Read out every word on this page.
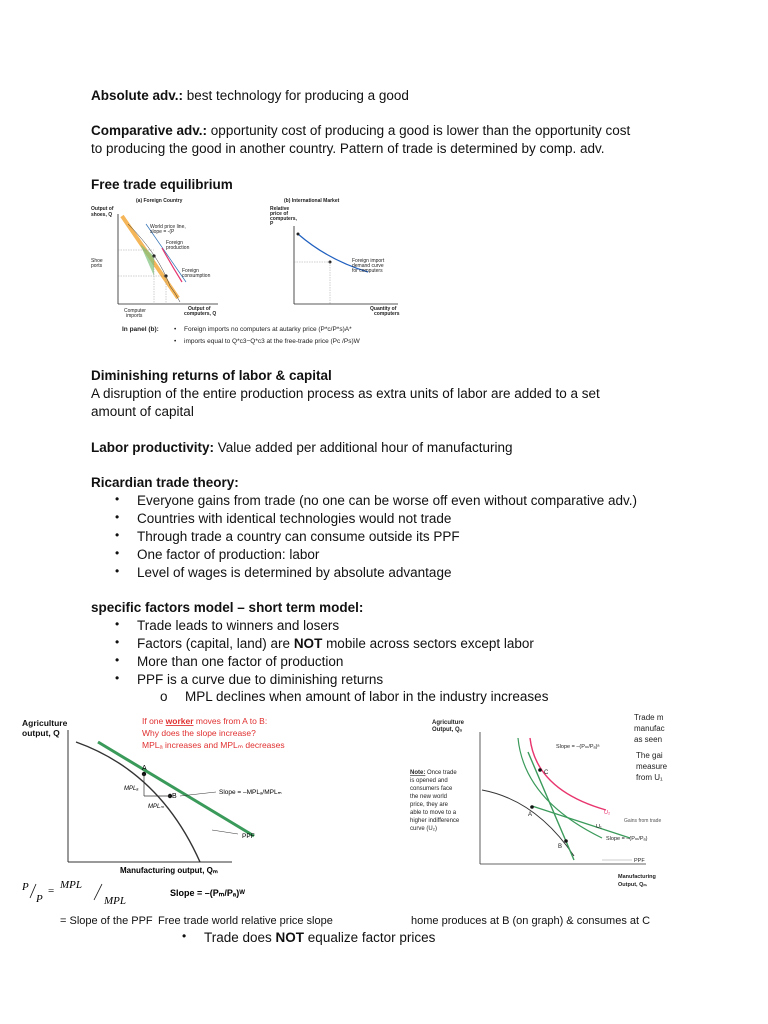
Absolute adv.: best technology for producing a good
Comparative adv.: opportunity cost of producing a good is lower than the opportunity cost
to producing the good in another country. Pattern of trade is determined by comp. adv.
Free trade equilibrium
(a) Foreign Country
Output of
shoes, Q
World price line,
slope = -(P
Foreign
production
Foreign
consumption
Shoe
ports
Computer
imports
Output of
computers, Q
(b) International Market
Relative
price of
computers,
P
Foreign import
demand curve
for computers
Quantity of
computers
In panel (b): • Foreign imports no computers at autarky price (P*c/P*s)A*
• imports equal to Q*c3−Q*c3 at the free-trade price (Pc /Ps)W
Diminishing returns of labor & capital
A disruption of the entire production process as extra units of labor are added to a set
amount of capital
Labor productivity: Value added per additional hour of manufacturing
Ricardian trade theory:
• Everyone gains from trade (no one can be worse off even without comparative adv.)
• Countries with identical technologies would not trade
• Through trade a country can consume outside its PPF
• One factor of production: labor
• Level of wages is determined by absolute advantage
specific factors model – short term model:
• Trade leads to winners and losers
• Factors (capital, land) are NOT mobile across sectors except labor
• More than one factor of production
• PPF is a curve due to diminishing returns
o MPL declines when amount of labor in the industry increases
Agriculture
output, Q
If one worker moves from A to B:
Why does the slope increase?
MPLₐ increases and MPLₘ decreases
A
B
MPLₐ
MPLₘ
Slope = –MPLₐ/MPLₘ
PPF
Manufacturing output, Qₘ
P
P
= MPL
MPL
Slope = –(Pₘ/Pₐ)ᵂ
Agriculture
Output, Qₐ
Note: Once trade
is opened and
consumers face
the new world
price, they are
able to move to a
higher indifference
curve (U₂)
C
A
B
Slope = –(Pₘ/Pₐ)ᵃ
U₂
U₁
Gains from trade
Slope = –(Pₘ/Pₐ)
PPF
Manufacturing
Output, Qₘ
Trade m
manufac
as seen
The gai
measure
from U₁
= Slope of the PPF Free trade world relative price slope	home produces at B (on graph) & consumes at C
• Trade does NOT equalize factor prices
